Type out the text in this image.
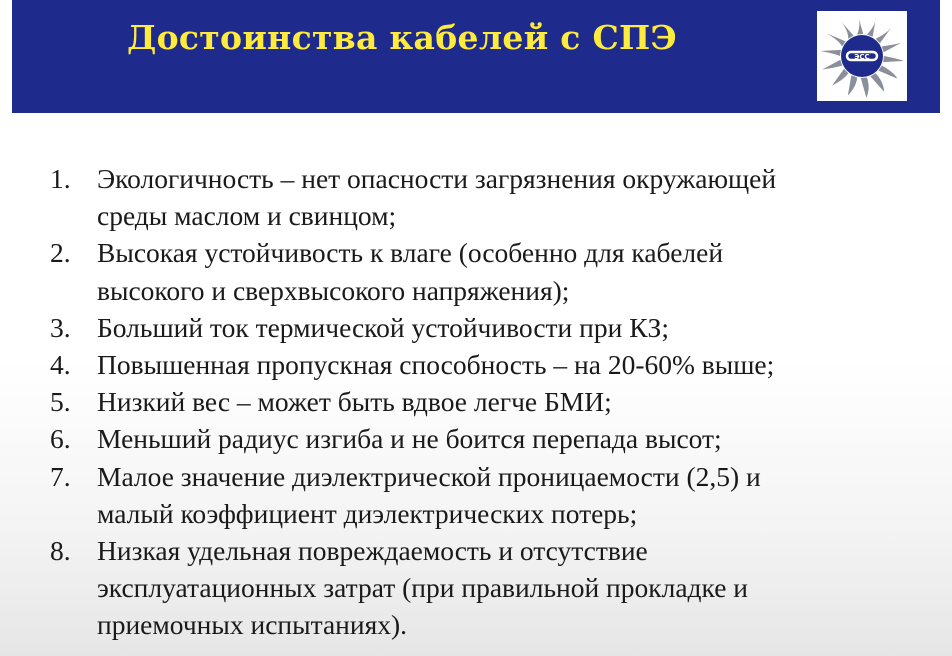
Достоинства кабелей с СПЭ	ЭСС
1. Экологичность – нет опасности загрязнения окружающей
среды маслом и свинцом;
2. Высокая устойчивость к влаге (особенно для кабелей
высокого и сверхвысокого напряжения);
3. Больший ток термической устойчивости при КЗ;
4. Повышенная пропускная способность – на 20-60% выше;
5. Низкий вес – может быть вдвое легче БМИ;
6. Меньший радиус изгиба и не боится перепада высот;
7. Малое значение диэлектрической проницаемости (2,5) и
малый коэффициент диэлектрических потерь;
8. Низкая удельная повреждаемость и отсутствие
эксплуатационных затрат (при правильной прокладке и
приемочных испытаниях).
